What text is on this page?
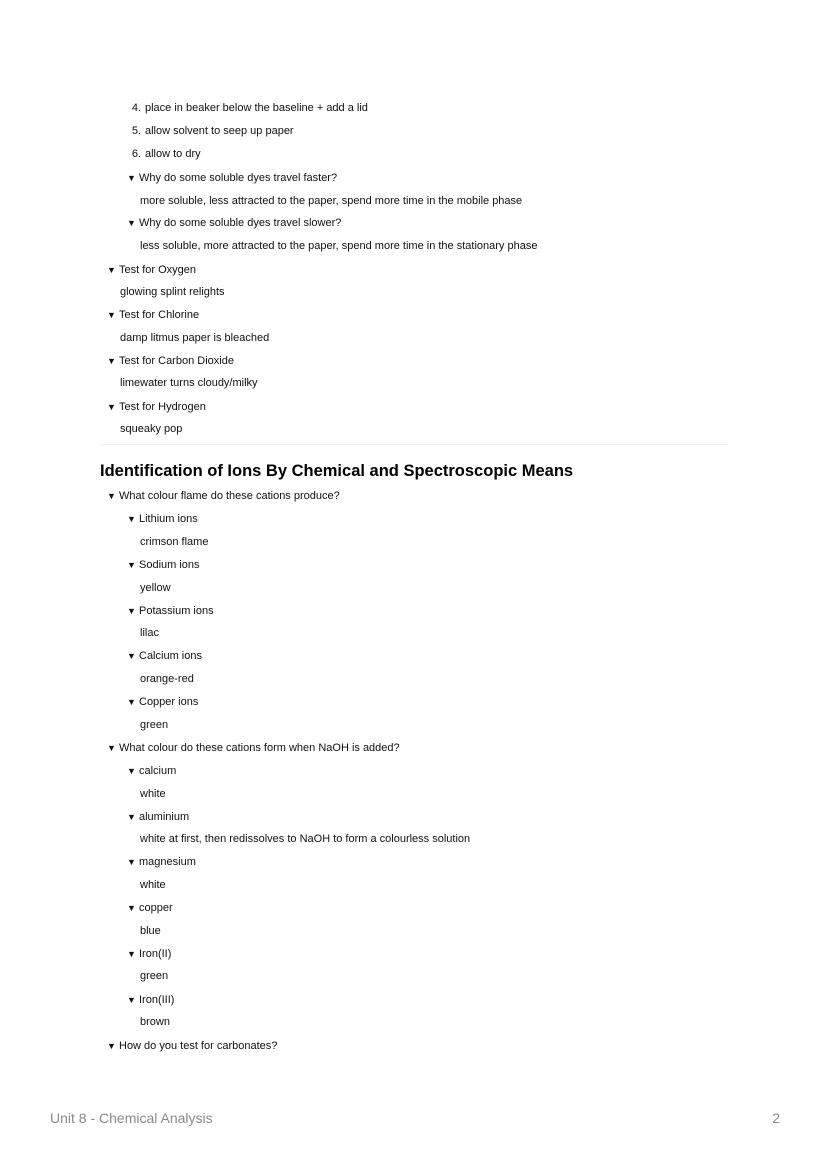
4. place in beaker below the baseline + add a lid
5. allow solvent to seep up paper
6. allow to dry
▼ Why do some soluble dyes travel faster?
more soluble, less attracted to the paper, spend more time in the mobile phase
▼ Why do some soluble dyes travel slower?
less soluble, more attracted to the paper, spend more time in the stationary phase
▼ Test for Oxygen
glowing splint relights
▼ Test for Chlorine
damp litmus paper is bleached
▼ Test for Carbon Dioxide
limewater turns cloudy/milky
▼ Test for Hydrogen
squeaky pop
Identification of Ions By Chemical and Spectroscopic Means
▼ What colour flame do these cations produce?
▼ Lithium ions
crimson flame
▼ Sodium ions
yellow
▼ Potassium ions
lilac
▼ Calcium ions
orange-red
▼ Copper ions
green
▼ What colour do these cations form when NaOH is added?
▼ calcium
white
▼ aluminium
white at first, then redissolves to NaOH to form a colourless solution
▼ magnesium
white
▼ copper
blue
▼ Iron(II)
green
▼ Iron(III)
brown
▼ How do you test for carbonates?
Unit 8 - Chemical Analysis	2
